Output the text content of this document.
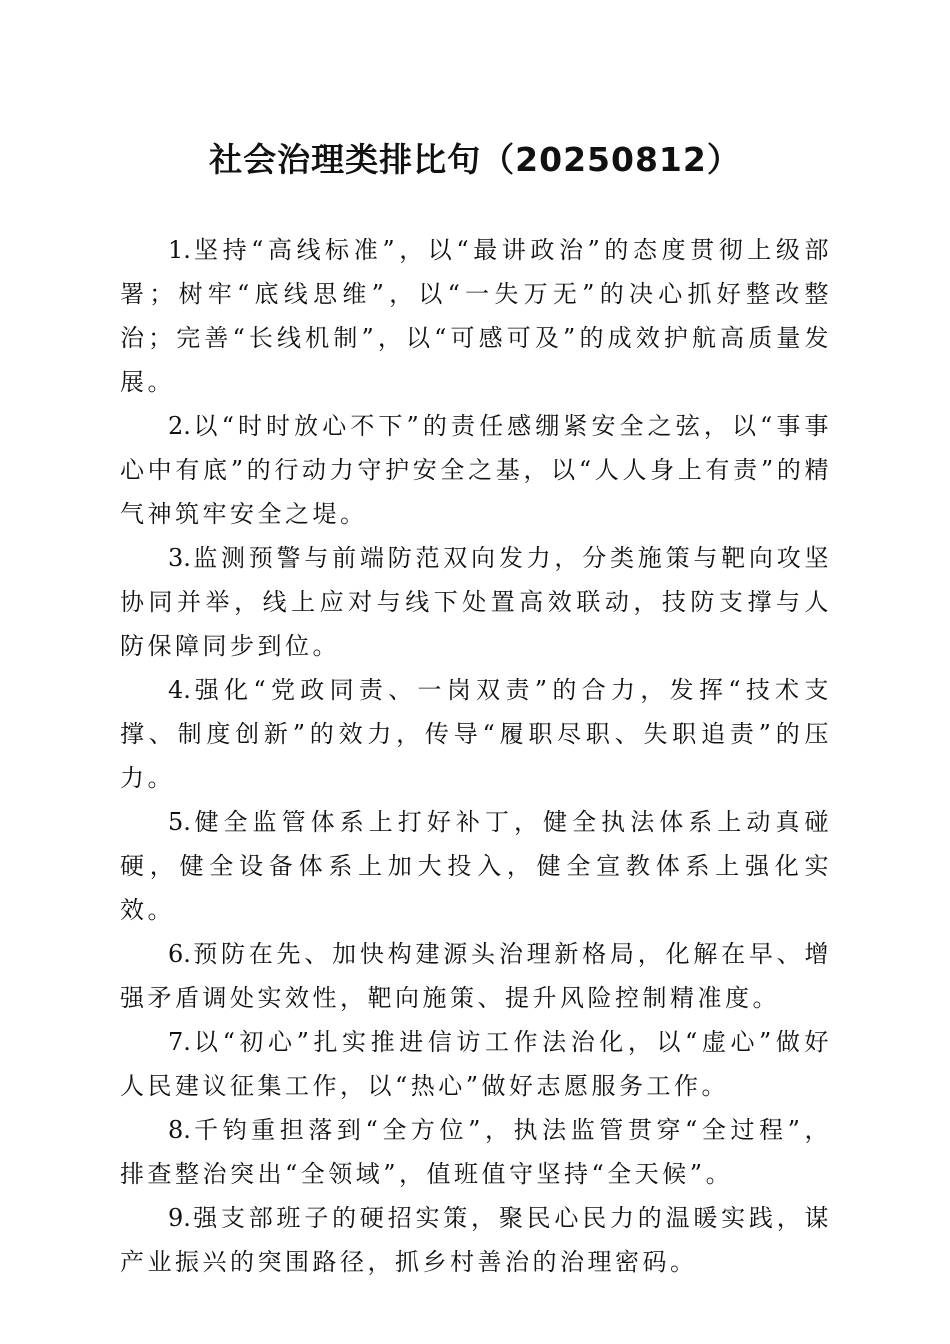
社会治理类排比句（20250812）

1.坚持“高线标准”，以“最讲政治”的态度贯彻上级部署；树牢“底线思维”，以“一失万无”的决心抓好整改整治；完善“长线机制”，以“可感可及”的成效护航高质量发展。

2.以“时时放心不下”的责任感绷紧安全之弦，以“事事心中有底”的行动力守护安全之基，以“人人身上有责”的精气神筑牢安全之堤。

3.监测预警与前端防范双向发力，分类施策与靶向攻坚协同并举，线上应对与线下处置高效联动，技防支撑与人防保障同步到位。

4.强化“党政同责、一岗双责”的合力，发挥“技术支撑、制度创新”的效力，传导“履职尽职、失职追责”的压力。

5.健全监管体系上打好补丁，健全执法体系上动真碰硬，健全设备体系上加大投入，健全宣教体系上强化实效。

6.预防在先、加快构建源头治理新格局，化解在早、增强矛盾调处实效性，靶向施策、提升风险控制精准度。

7.以“初心”扎实推进信访工作法治化，以“虚心”做好人民建议征集工作，以“热心”做好志愿服务工作。

8.千钧重担落到“全方位”，执法监管贯穿“全过程”，排查整治突出“全领域”，值班值守坚持“全天候”。

9.强支部班子的硬招实策，聚民心民力的温暖实践，谋产业振兴的突围路径，抓乡村善治的治理密码。
